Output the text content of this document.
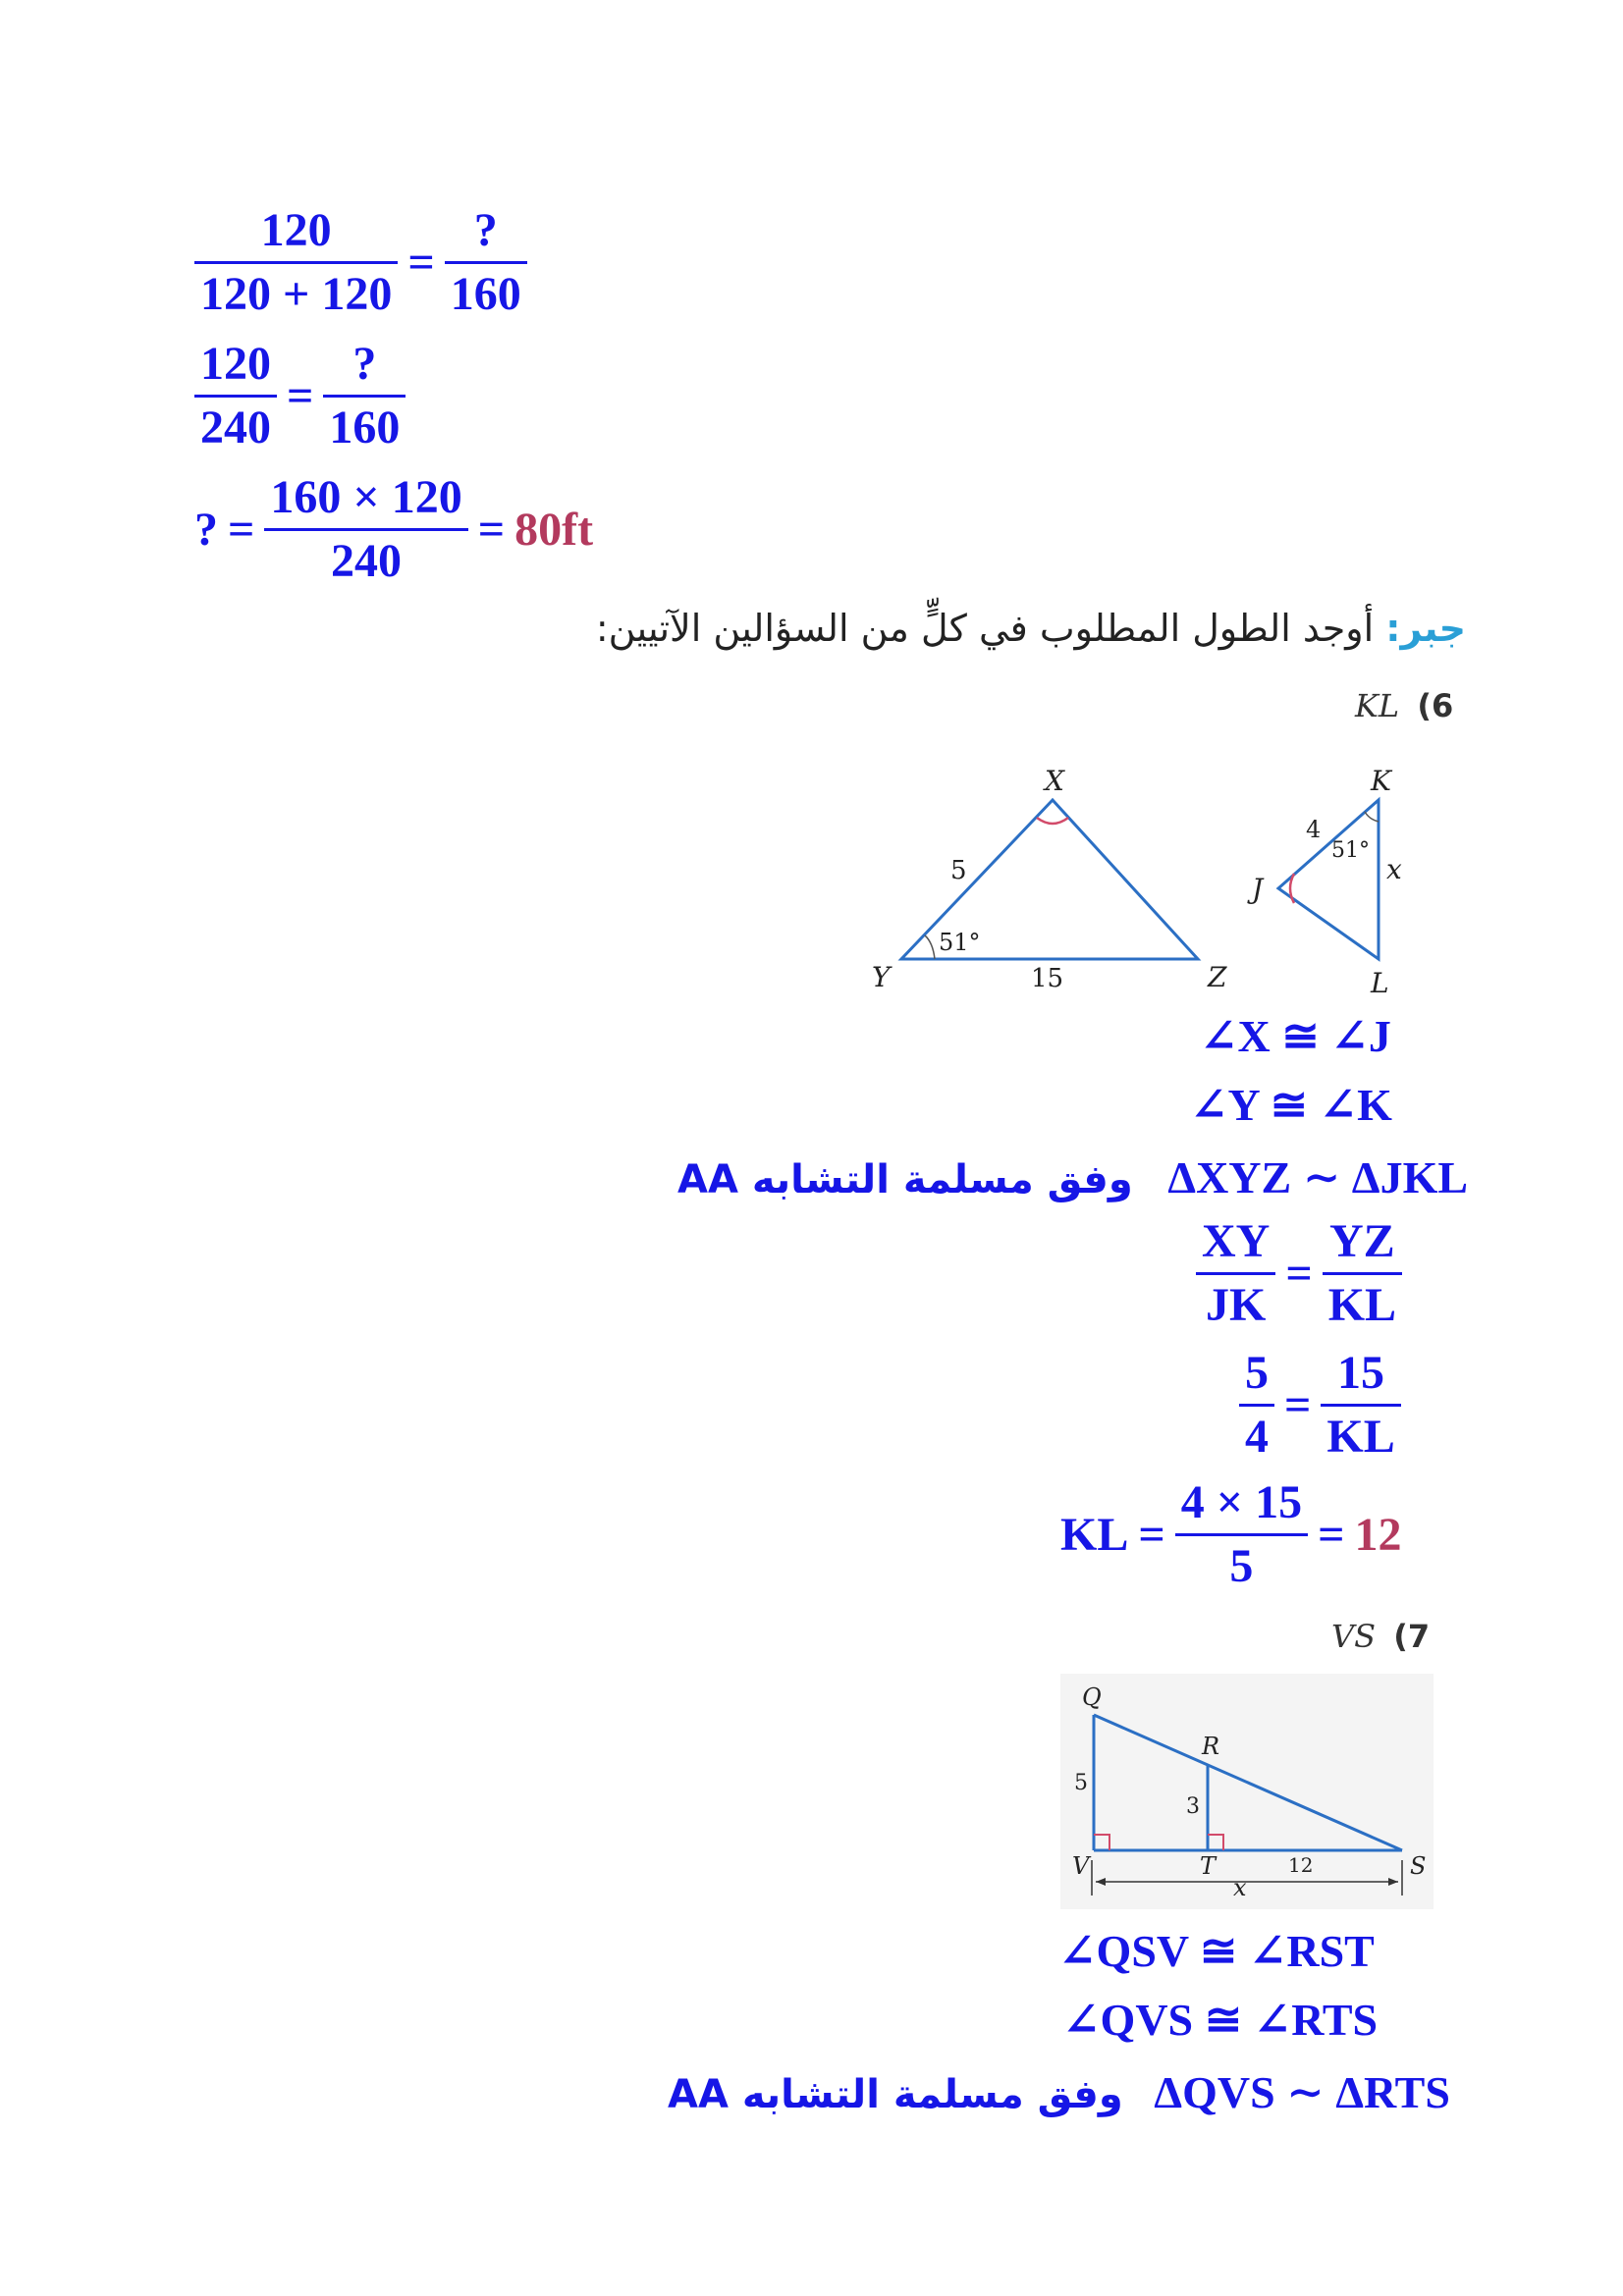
$\frac{120}{120 + 120} = \frac{?}{160}$
$\frac{120}{240} = \frac{?}{160}$
? = $\frac{160 \times 120}{240} = 80ft$
جبر: أوجد الطول المطلوب في كلٍّ من السؤالين الآتيين:
KL (6
X
Y	Z
5
15
51°
J
K
L
4
x
51°
∠X ≅ ∠J
∠Y ≅ ∠K
وفق مسلمة التشابه AA ΔXYZ ∼ ΔJKL
$\frac{XY}{JK} = \frac{YZ}{KL}$
$\frac{5}{4} = \frac{15}{KL}$
KL = $\frac{4 \times 15}{5} = 12$
VS (7
Q
R
V	T	S
5
3
12
x
∠QSV ≅ ∠RST
∠QVS ≅ ∠RTS
وفق مسلمة التشابه AA ΔQVS ∼ ΔRTS
